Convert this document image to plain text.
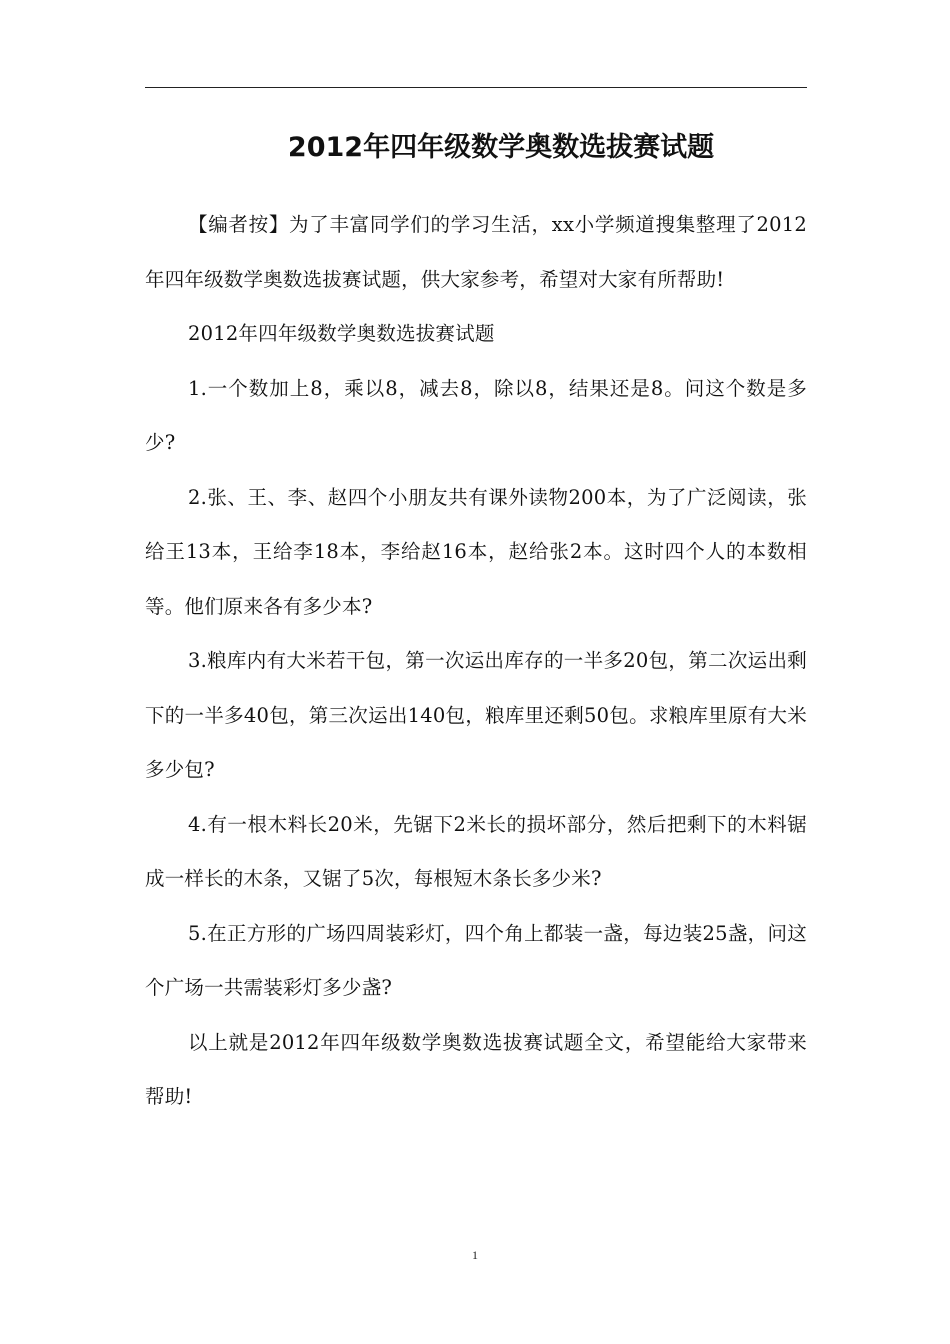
2012年四年级数学奥数选拔赛试题

【编者按】为了丰富同学们的学习生活，xx小学频道搜集整理了2012年四年级数学奥数选拔赛试题，供大家参考，希望对大家有所帮助!

2012年四年级数学奥数选拔赛试题

1.一个数加上8，乘以8，减去8，除以8，结果还是8。问这个数是多少?

2.张、王、李、赵四个小朋友共有课外读物200本，为了广泛阅读，张给王13本，王给李18本，李给赵16本，赵给张2本。这时四个人的本数相等。他们原来各有多少本?

3.粮库内有大米若干包，第一次运出库存的一半多20包，第二次运出剩下的一半多40包，第三次运出140包，粮库里还剩50包。求粮库里原有大米多少包?

4.有一根木料长20米，先锯下2米长的损坏部分，然后把剩下的木料锯成一样长的木条，又锯了5次，每根短木条长多少米?

5.在正方形的广场四周装彩灯，四个角上都装一盏，每边装25盏，问这个广场一共需装彩灯多少盏?

以上就是2012年四年级数学奥数选拔赛试题全文，希望能给大家带来帮助!

1
